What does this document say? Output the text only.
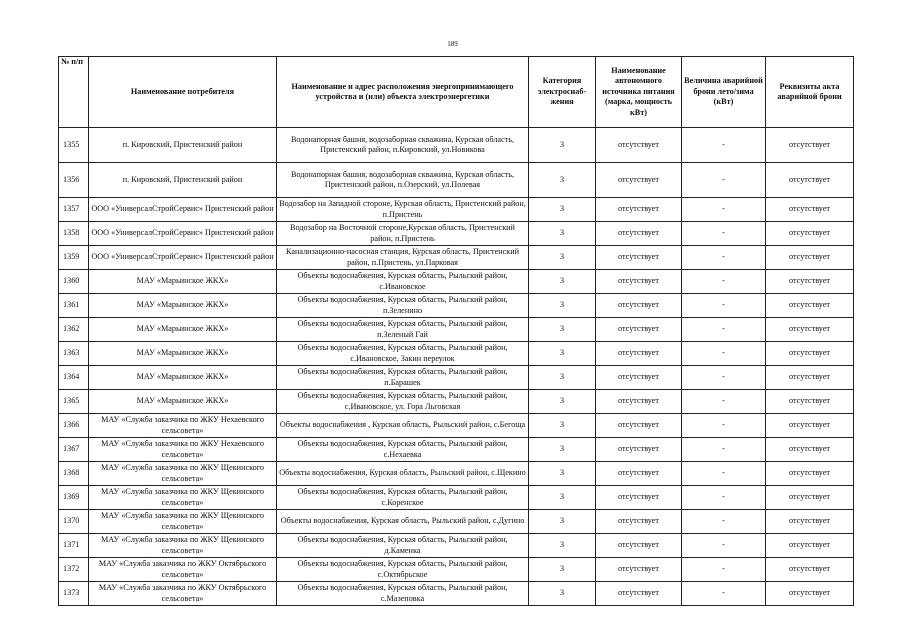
189
№ п/п	Наименование потребителя	Наименование и адрес расположения энергопринимающего устройства и (или) объекта электроэнергетики	Категория электроснаб-жения	Наименование автономного источника питания (марка, мощность кВт)	Величина аварийной брони лето/зима (кВт)	Реквизиты акта аварийной брони
1355	п. Кировский, Пристенский район	Водонапорная башня, водозаборная скважина, Курская область, Пристенский район, п.Кировский, ул.Новикова	3	отсутствует	-	отсутствует
1356	п. Кировский, Пристенский район	Водонапорная башня, водозаборная скважина, Курская область, Пристенский район, п.Озерский, ул.Полевая	3	отсутствует	-	отсутствует
1357	ООО «УниверсалСтройСервис» Пристенский район	Водозабор на Западной стороне, Курская область, Пристенский район, п.Пристень	3	отсутствует	-	отсутствует
1358	ООО «УниверсалСтройСервис» Пристенский район	Водозабор на Восточной стороне,Курская область, Пристенский район, п.Пристень	3	отсутствует	-	отсутствует
1359	ООО «УниверсалСтройСервис» Пристенский район	Канализационно-насосная станция, Курская область, Пристенский район, п.Пристень, ул.Парковая	3	отсутствует	-	отсутствует
1360	МАУ «Марьинское ЖКХ»	Объекты водоснабжения, Курская область, Рыльский район, с.Ивановское	3	отсутствует	-	отсутствует
1361	МАУ «Марьинское ЖКХ»	Объекты водоснабжения, Курская область, Рыльский район, п.Зеленино	3	отсутствует	-	отсутствует
1362	МАУ «Марьинское ЖКХ»	Объекты водоснабжения, Курская область, Рыльский район, п.Зеленый Гай	3	отсутствует	-	отсутствует
1363	МАУ «Марьинское ЖКХ»	Объекты водоснабжения, Курская область, Рыльский район, с.Ивановское, Закин переулок	3	отсутствует	-	отсутствует
1364	МАУ «Марьинское ЖКХ»	Объекты водоснабжения, Курская область, Рыльский район, п.Барашек	3	отсутствует	-	отсутствует
1365	МАУ «Марьинское ЖКХ»	Объекты водоснабжения, Курская область, Рыльский район, с.Ивановское, ул. Гора Льговская	3	отсутствует	-	отсутствует
1366	МАУ «Служба заказчика по ЖКУ Нехаевского сельсовета»	Объекты водоснабжения , Курская область, Рыльский район, с.Бегоща	3	отсутствует	-	отсутствует
1367	МАУ «Служба заказчика по ЖКУ Нехаевского сельсовета»	Объекты водоснабжения, Курская область, Рыльский район, с.Нехаевка	3	отсутствует	-	отсутствует
1368	МАУ «Служба заказчика по ЖКУ Щекинского сельсовета»	Объекты водоснабжения, Курская область, Рыльский район, с.Щекино	3	отсутствует	-	отсутствует
1369	МАУ «Служба заказчика по ЖКУ Щекинского сельсовета»	Объекты водоснабжения, Курская область, Рыльский район, с.Коренское	3	отсутствует	-	отсутствует
1370	МАУ «Служба заказчика по ЖКУ Щекинского сельсовета»	Объекты водоснабжения, Курская область, Рыльский район, с.Дугино	3	отсутствует	-	отсутствует
1371	МАУ «Служба заказчика по ЖКУ Щекинского сельсовета»	Объекты водоснабжения, Курская область, Рыльский район, д.Каменка	3	отсутствует	-	отсутствует
1372	МАУ «Служба заказчика по ЖКУ Октябрьского сельсовета»	Объекты водоснабжения, Курская область, Рыльский район, с.Октябрьское	3	отсутствует	-	отсутствует
1373	МАУ «Служба заказчика по ЖКУ Октябрьского сельсовета»	Объекты водоснабжения, Курская область, Рыльский район, с.Мазеповка	3	отсутствует	-	отсутствует
